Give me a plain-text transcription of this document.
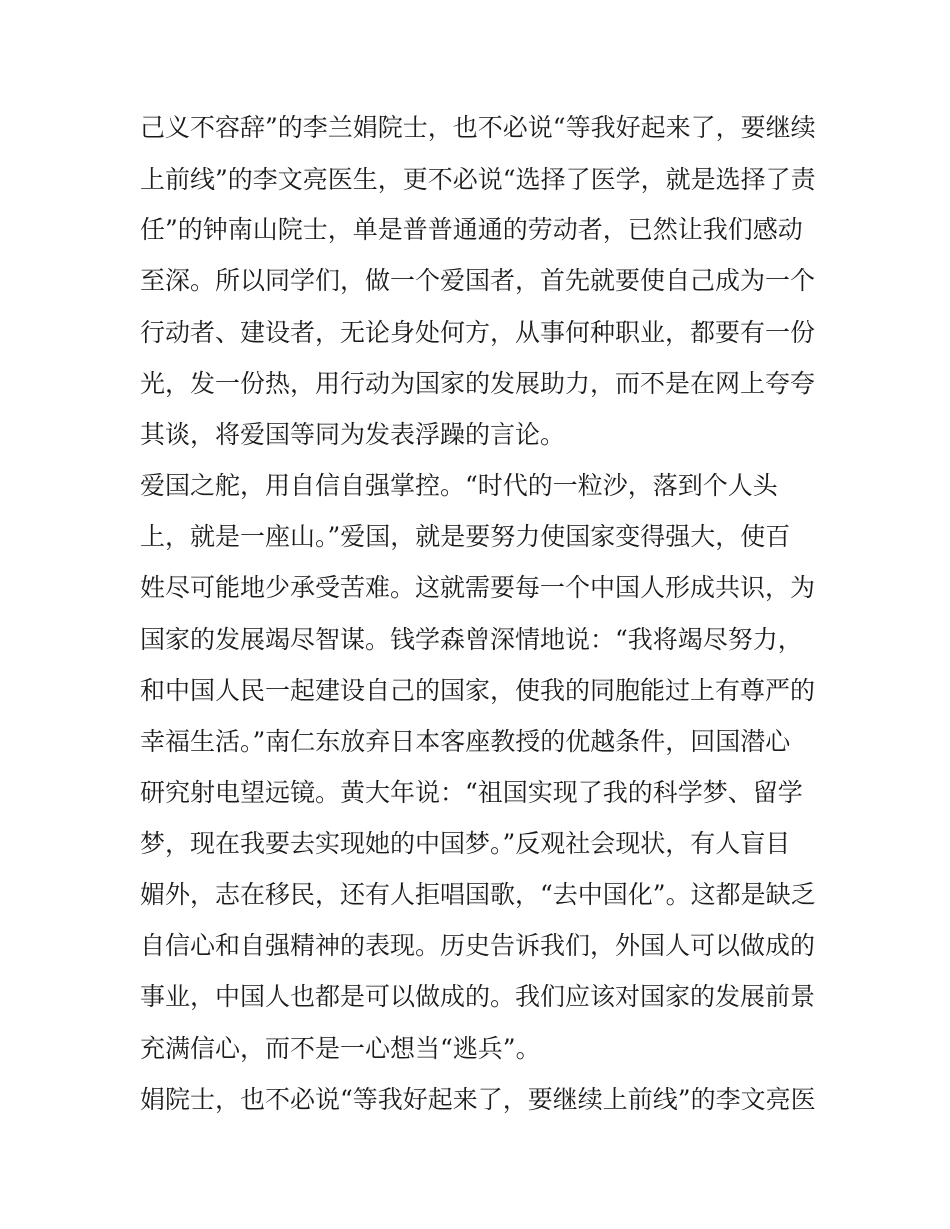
己义不容辞”的李兰娟院士，也不必说“等我好起来了，要继续
上前线”的李文亮医生，更不必说“选择了医学，就是选择了责
任”的钟南山院士，单是普普通通的劳动者，已然让我们感动
至深。所以同学们，做一个爱国者，首先就要使自己成为一个
行动者、建设者，无论身处何方，从事何种职业，都要有一份
光，发一份热，用行动为国家的发展助力，而不是在网上夸夸
其谈，将爱国等同为发表浮躁的言论。
爱国之舵，用自信自强掌控。“时代的一粒沙，落到个人头
上，就是一座山。”爱国，就是要努力使国家变得强大，使百
姓尽可能地少承受苦难。这就需要每一个中国人形成共识，为
国家的发展竭尽智谋。钱学森曾深情地说：“我将竭尽努力，
和中国人民一起建设自己的国家，使我的同胞能过上有尊严的
幸福生活。”南仁东放弃日本客座教授的优越条件，回国潜心
研究射电望远镜。黄大年说：“祖国实现了我的科学梦、留学
梦，现在我要去实现她的中国梦。”反观社会现状，有人盲目
媚外，志在移民，还有人拒唱国歌，“去中国化”。这都是缺乏
自信心和自强精神的表现。历史告诉我们，外国人可以做成的
事业，中国人也都是可以做成的。我们应该对国家的发展前景
充满信心，而不是一心想当“逃兵”。
娟院士，也不必说“等我好起来了，要继续上前线”的李文亮医
